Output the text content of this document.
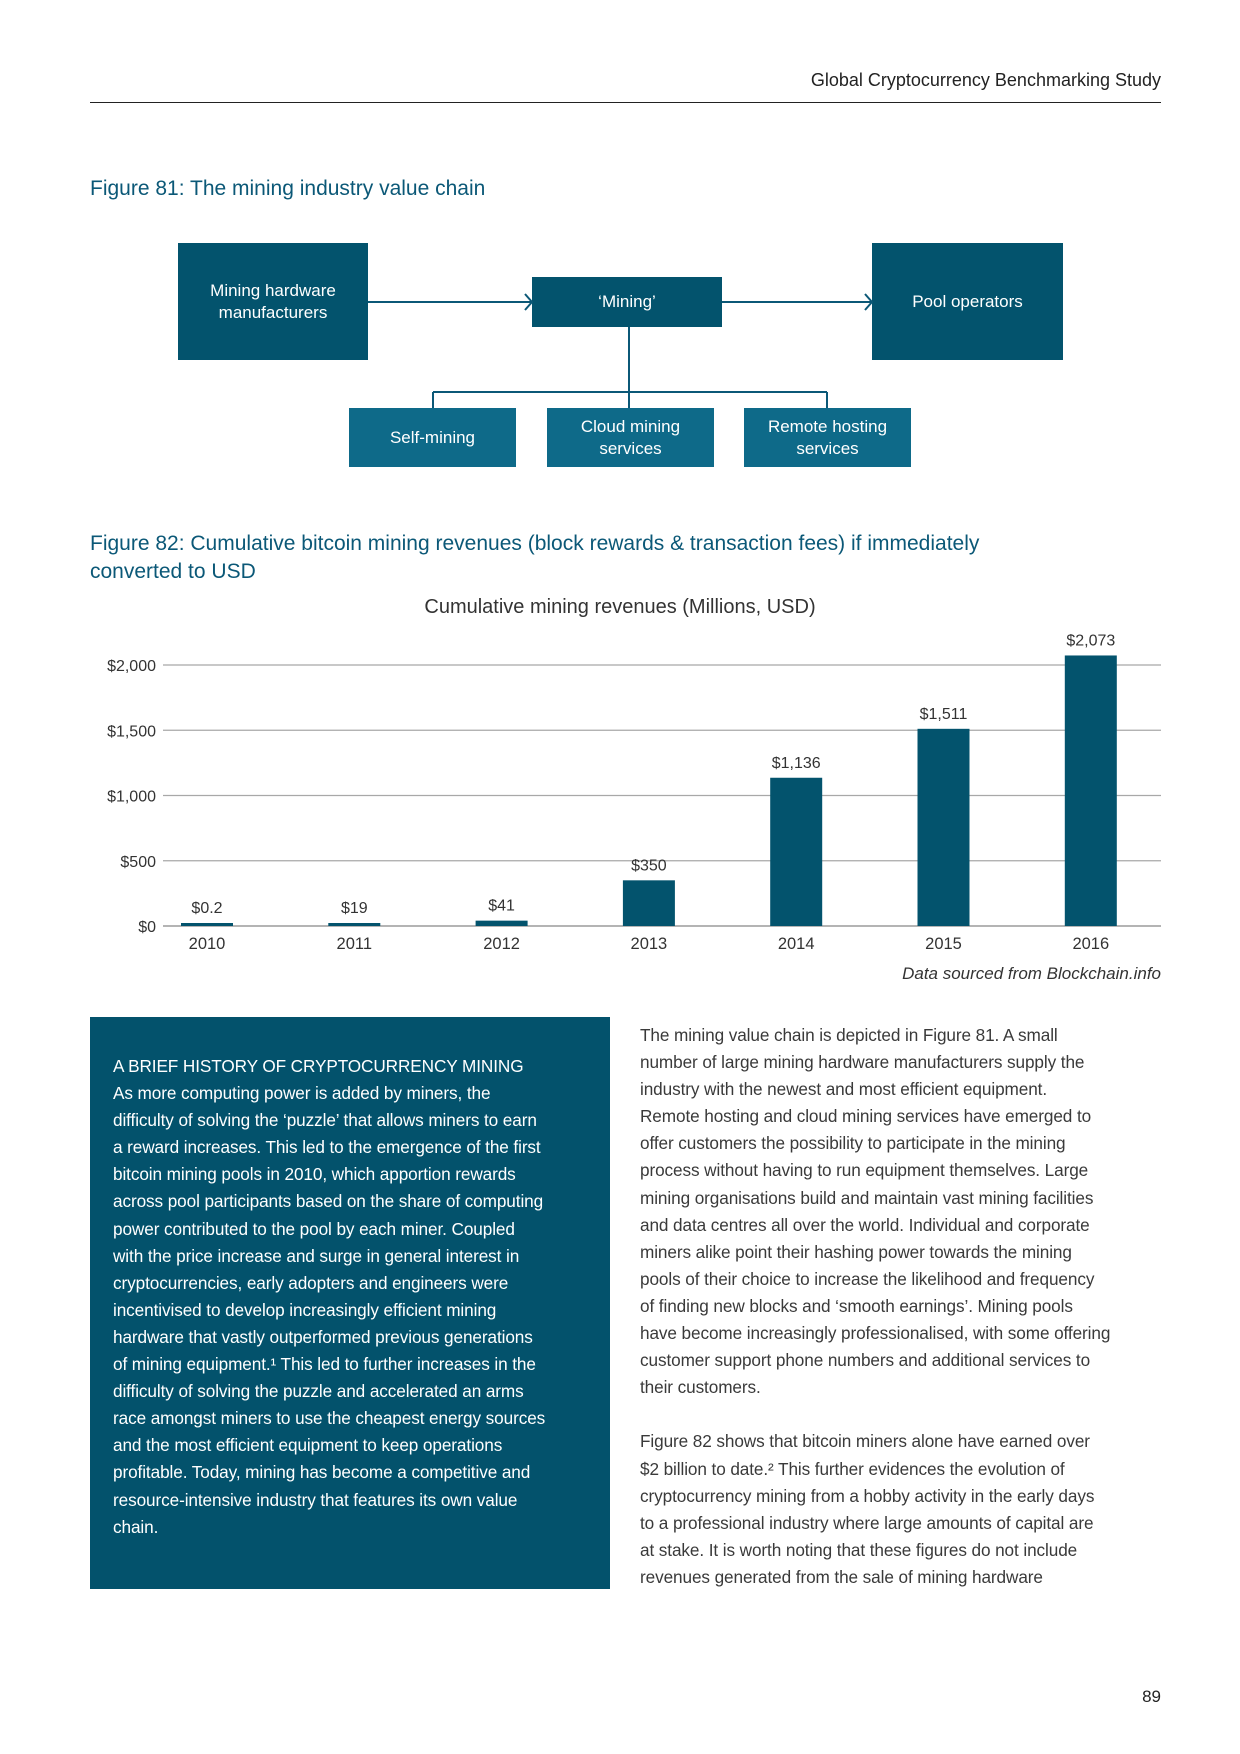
Global Cryptocurrency Benchmarking Study
Figure 81: The mining industry value chain
Mining hardware manufacturers
‘Mining’	Pool operators
Self-mining
Cloud mining services
Remote hosting services
Figure 82: Cumulative bitcoin mining revenues (block rewards & transaction fees) if immediately
converted to USD
Cumulative mining revenues (Millions, USD)
$0
$500
$1,000
$1,500
$2,000
$0.2
2010
$19
2011
$41
2012
$350
2013
$1,136
2014
$1,511
2015
$2,073
2016
Data sourced from Blockchain.info
A BRIEF HISTORY OF CRYPTOCURRENCY MINING
As more computing power is added by miners, the
difficulty of solving the ‘puzzle’ that allows miners to earn
a reward increases. This led to the emergence of the first
bitcoin mining pools in 2010, which apportion rewards
across pool participants based on the share of computing
power contributed to the pool by each miner. Coupled
with the price increase and surge in general interest in
cryptocurrencies, early adopters and engineers were
incentivised to develop increasingly efficient mining
hardware that vastly outperformed previous generations
of mining equipment.¹ This led to further increases in the
difficulty of solving the puzzle and accelerated an arms
race amongst miners to use the cheapest energy sources
and the most efficient equipment to keep operations
profitable. Today, mining has become a competitive and
resource-intensive industry that features its own value
chain.
The mining value chain is depicted in Figure 81. A small
number of large mining hardware manufacturers supply the
industry with the newest and most efficient equipment.
Remote hosting and cloud mining services have emerged to
offer customers the possibility to participate in the mining
process without having to run equipment themselves. Large
mining organisations build and maintain vast mining facilities
and data centres all over the world. Individual and corporate
miners alike point their hashing power towards the mining
pools of their choice to increase the likelihood and frequency
of finding new blocks and ‘smooth earnings’. Mining pools
have become increasingly professionalised, with some offering
customer support phone numbers and additional services to
their customers.
Figure 82 shows that bitcoin miners alone have earned over
$2 billion to date.² This further evidences the evolution of
cryptocurrency mining from a hobby activity in the early days
to a professional industry where large amounts of capital are
at stake. It is worth noting that these figures do not include
revenues generated from the sale of mining hardware
89
